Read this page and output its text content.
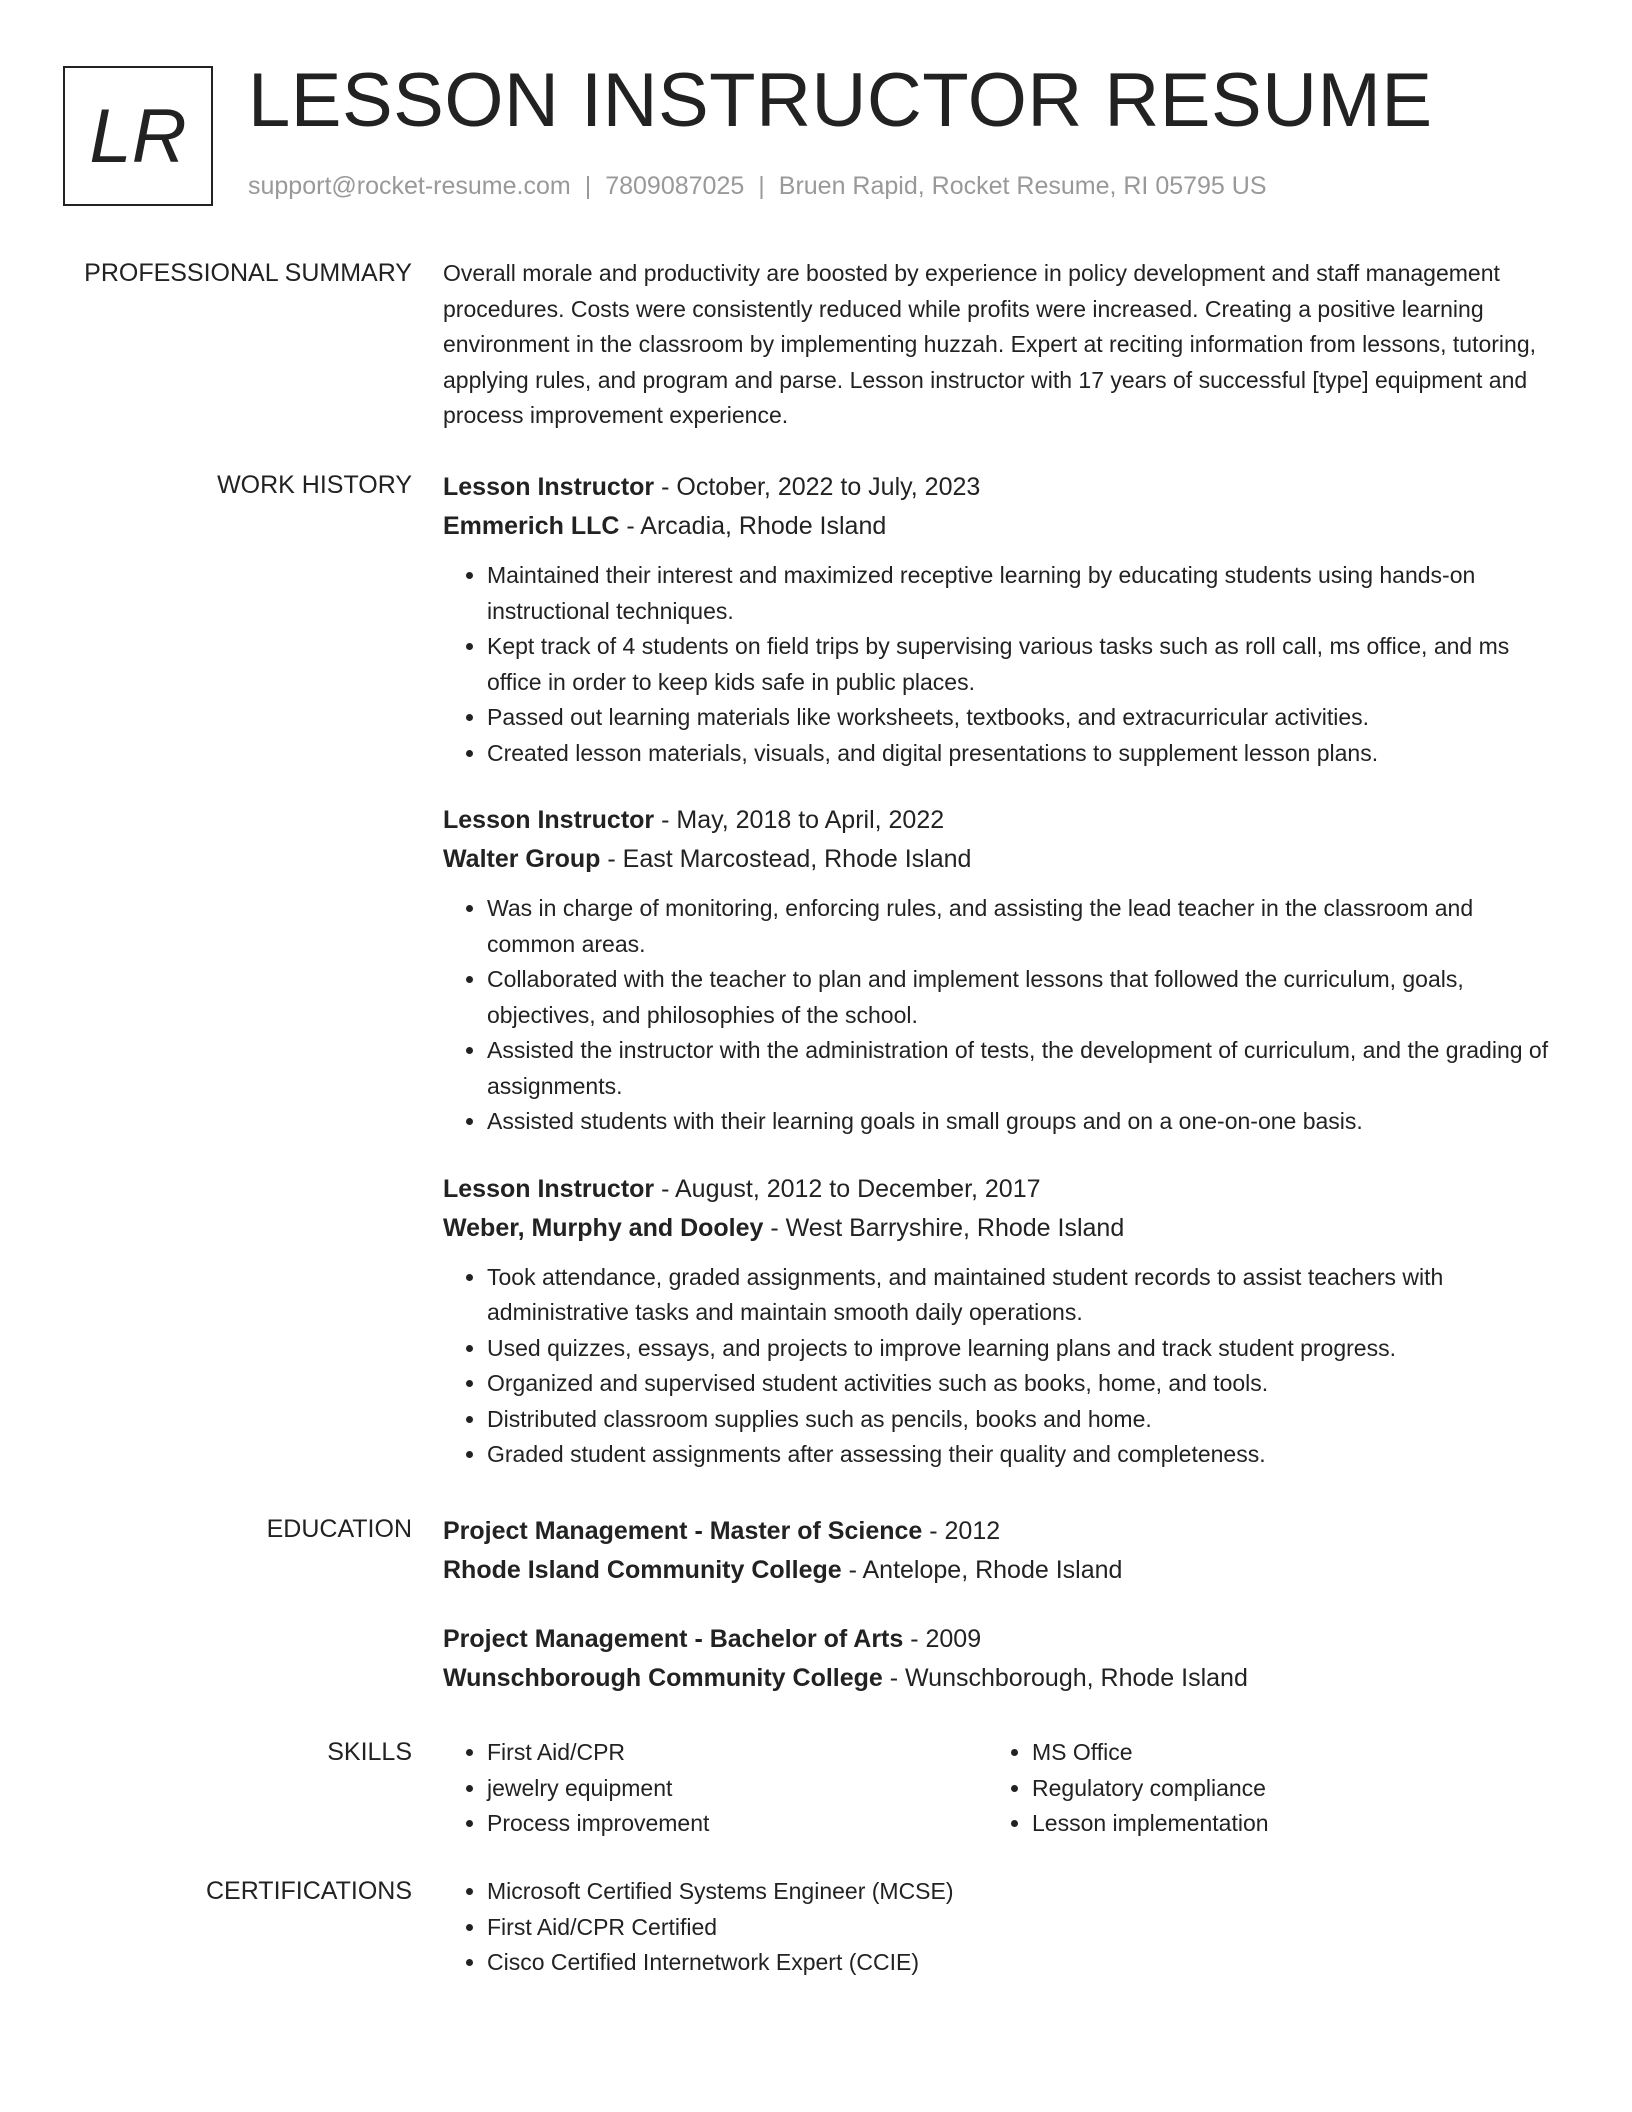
LR LESSON INSTRUCTOR RESUME
support@rocket-resume.com | 7809087025 | Bruen Rapid, Rocket Resume, RI 05795 US
PROFESSIONAL SUMMARY Overall morale and productivity are boosted by experience in policy development and staff management procedures. Costs were consistently reduced while profits were increased. Creating a positive learning environment in the classroom by implementing huzzah. Expert at reciting information from lessons, tutoring, applying rules, and program and parse. Lesson instructor with 17 years of successful [type] equipment and process improvement experience.

WORK HISTORY Lesson Instructor - October, 2022 to July, 2023
Emmerich LLC - Arcadia, Rhode Island
• Maintained their interest and maximized receptive learning by educating students using hands-on instructional techniques.
• Kept track of 4 students on field trips by supervising various tasks such as roll call, ms office, and ms office in order to keep kids safe in public places.
• Passed out learning materials like worksheets, textbooks, and extracurricular activities.
• Created lesson materials, visuals, and digital presentations to supplement lesson plans.
Lesson Instructor - May, 2018 to April, 2022
Walter Group - East Marcostead, Rhode Island
• Was in charge of monitoring, enforcing rules, and assisting the lead teacher in the classroom and common areas.
• Collaborated with the teacher to plan and implement lessons that followed the curriculum, goals, objectives, and philosophies of the school.
• Assisted the instructor with the administration of tests, the development of curriculum, and the grading of assignments.
• Assisted students with their learning goals in small groups and on a one-on-one basis.
Lesson Instructor - August, 2012 to December, 2017
Weber, Murphy and Dooley - West Barryshire, Rhode Island
• Took attendance, graded assignments, and maintained student records to assist teachers with administrative tasks and maintain smooth daily operations.
• Used quizzes, essays, and projects to improve learning plans and track student progress.
• Organized and supervised student activities such as books, home, and tools.
• Distributed classroom supplies such as pencils, books and home.
• Graded student assignments after assessing their quality and completeness.
EDUCATION Project Management - Master of Science - 2012
Rhode Island Community College - Antelope, Rhode Island
Project Management - Bachelor of Arts - 2009
Wunschborough Community College - Wunschborough, Rhode Island
SKILLS	• First Aid/CPR
• jewelry equipment
• Process improvement
• MS Office
• Regulatory compliance
• Lesson implementation
CERTIFICATIONS	• Microsoft Certified Systems Engineer (MCSE)
• First Aid/CPR Certified
• Cisco Certified Internetwork Expert (CCIE)
